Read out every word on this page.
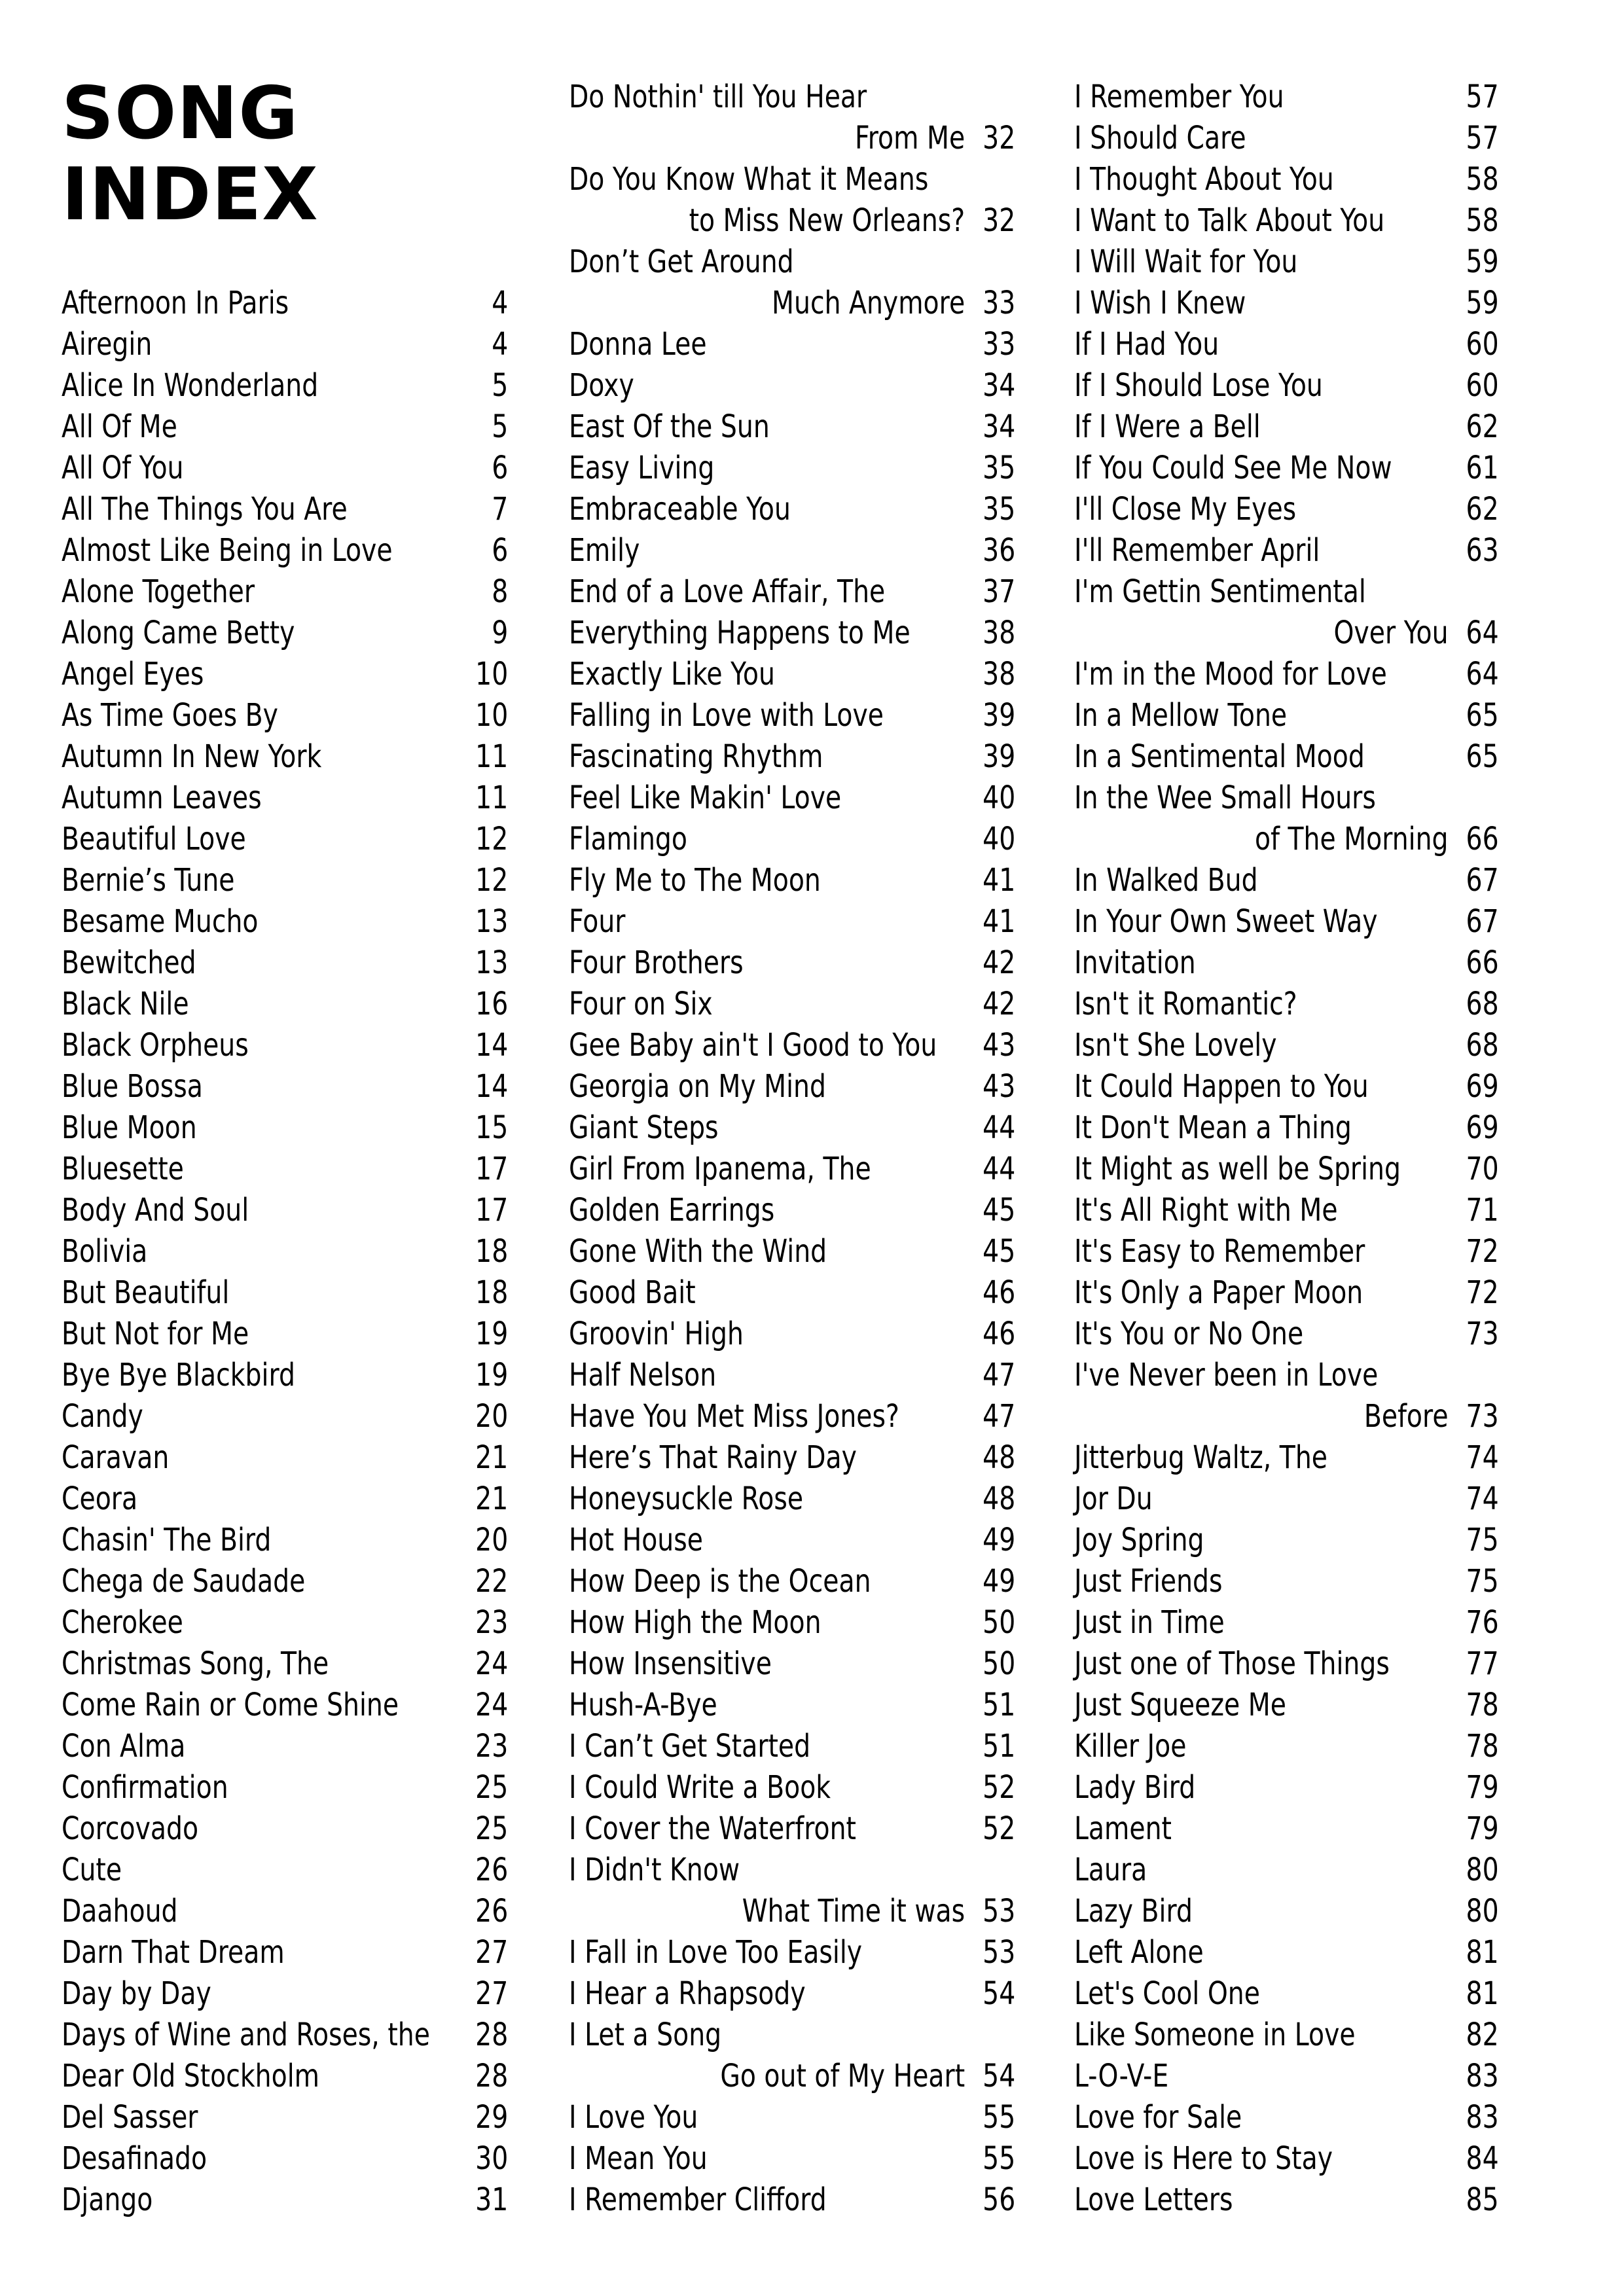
SONG
INDEX
Afternoon In Paris	4
Airegin	4
Alice In Wonderland	5
All Of Me	5
All Of You	6
All The Things You Are	7
Almost Like Being in Love	6
Alone Together	8
Along Came Betty	9
Angel Eyes	10
As Time Goes By	10
Autumn In New York	11
Autumn Leaves	11
Beautiful Love	12
Bernie’s Tune	12
Besame Mucho	13
Bewitched	13
Black Nile	16
Black Orpheus	14
Blue Bossa	14
Blue Moon	15
Bluesette	17
Body And Soul	17
Bolivia	18
But Beautiful	18
But Not for Me	19
Bye Bye Blackbird	19
Candy	20
Caravan	21
Ceora	21
Chasin' The Bird	20
Chega de Saudade	22
Cherokee	23
Christmas Song, The	24
Come Rain or Come Shine	24
Con Alma	23
Confirmation	25
Corcovado	25
Cute	26
Daahoud	26
Darn That Dream	27
Day by Day	27
Days of Wine and Roses, the	28
Dear Old Stockholm	28
Del Sasser	29
Desafinado	30
Django	31
Do Nothin' till You Hear
From Me 32
Do You Know What it Means
to Miss New Orleans? 32
Don’t Get Around
Much Anymore 33
Donna Lee	33
Doxy	34
East Of the Sun	34
Easy Living	35
Embraceable You	35
Emily	36
End of a Love Affair, The	37
Everything Happens to Me	38
Exactly Like You	38
Falling in Love with Love	39
Fascinating Rhythm	39
Feel Like Makin' Love	40
Flamingo	40
Fly Me to The Moon	41
Four	41
Four Brothers	42
Four on Six	42
Gee Baby ain't I Good to You	43
Georgia on My Mind	43
Giant Steps	44
Girl From Ipanema, The	44
Golden Earrings	45
Gone With the Wind	45
Good Bait	46
Groovin' High	46
Half Nelson	47
Have You Met Miss Jones?	47
Here’s That Rainy Day	48
Honeysuckle Rose	48
Hot House	49
How Deep is the Ocean	49
How High the Moon	50
How Insensitive	50
Hush-A-Bye	51
I Can’t Get Started	51
I Could Write a Book	52
I Cover the Waterfront	52
I Didn't Know
What Time it was 53
I Fall in Love Too Easily	53
I Hear a Rhapsody	54
I Let a Song
Go out of My Heart 54
I Love You	55
I Mean You	55
I Remember Clifford	56
I Remember You	57
I Should Care	57
I Thought About You	58
I Want to Talk About You	58
I Will Wait for You	59
I Wish I Knew	59
If I Had You	60
If I Should Lose You	60
If I Were a Bell	62
If You Could See Me Now	61
I'll Close My Eyes	62
I'll Remember April	63
I'm Gettin Sentimental
Over You 64
I'm in the Mood for Love	64
In a Mellow Tone	65
In a Sentimental Mood	65
In the Wee Small Hours
of The Morning 66
In Walked Bud	67
In Your Own Sweet Way	67
Invitation	66
Isn't it Romantic?	68
Isn't She Lovely	68
It Could Happen to You	69
It Don't Mean a Thing	69
It Might as well be Spring	70
It's All Right with Me	71
It's Easy to Remember	72
It's Only a Paper Moon	72
It's You or No One	73
I've Never been in Love
Before 73
Jitterbug Waltz, The	74
Jor Du	74
Joy Spring	75
Just Friends	75
Just in Time	76
Just one of Those Things	77
Just Squeeze Me	78
Killer Joe	78
Lady Bird	79
Lament	79
Laura	80
Lazy Bird	80
Left Alone	81
Let's Cool One	81
Like Someone in Love	82
L-O-V-E	83
Love for Sale	83
Love is Here to Stay	84
Love Letters	85
